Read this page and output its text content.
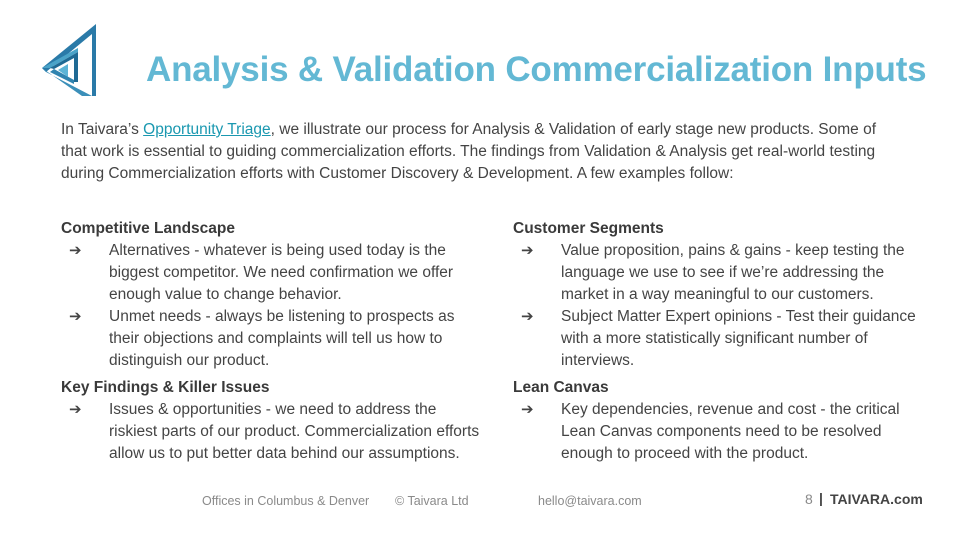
Analysis & Validation Commercialization Inputs

In Taivara’s Opportunity Triage, we illustrate our process for Analysis & Validation of early stage new products. Some of that work is essential to guiding commercialization efforts. The findings from Validation & Analysis get real-world testing during Commercialization efforts with Customer Discovery & Development. A few examples follow:

Competitive Landscape
➔ Alternatives - whatever is being used today is the biggest competitor. We need confirmation we offer enough value to change behavior.
➔ Unmet needs - always be listening to prospects as their objections and complaints will tell us how to distinguish our product.
Key Findings & Killer Issues
➔ Issues & opportunities - we need to address the riskiest parts of our product. Commercialization efforts allow us to put better data behind our assumptions.
Customer Segments
➔ Value proposition, pains & gains - keep testing the language we use to see if we’re addressing the market in a way meaningful to our customers.
➔ Subject Matter Expert opinions - Test their guidance with a more statistically significant number of interviews.
Lean Canvas
➔ Key dependencies, revenue and cost - the critical Lean Canvas components need to be resolved enough to proceed with the product.
Offices in Columbus & Denver © Taivara Ltd	hello@taivara.com	8 | TAIVARA.com
